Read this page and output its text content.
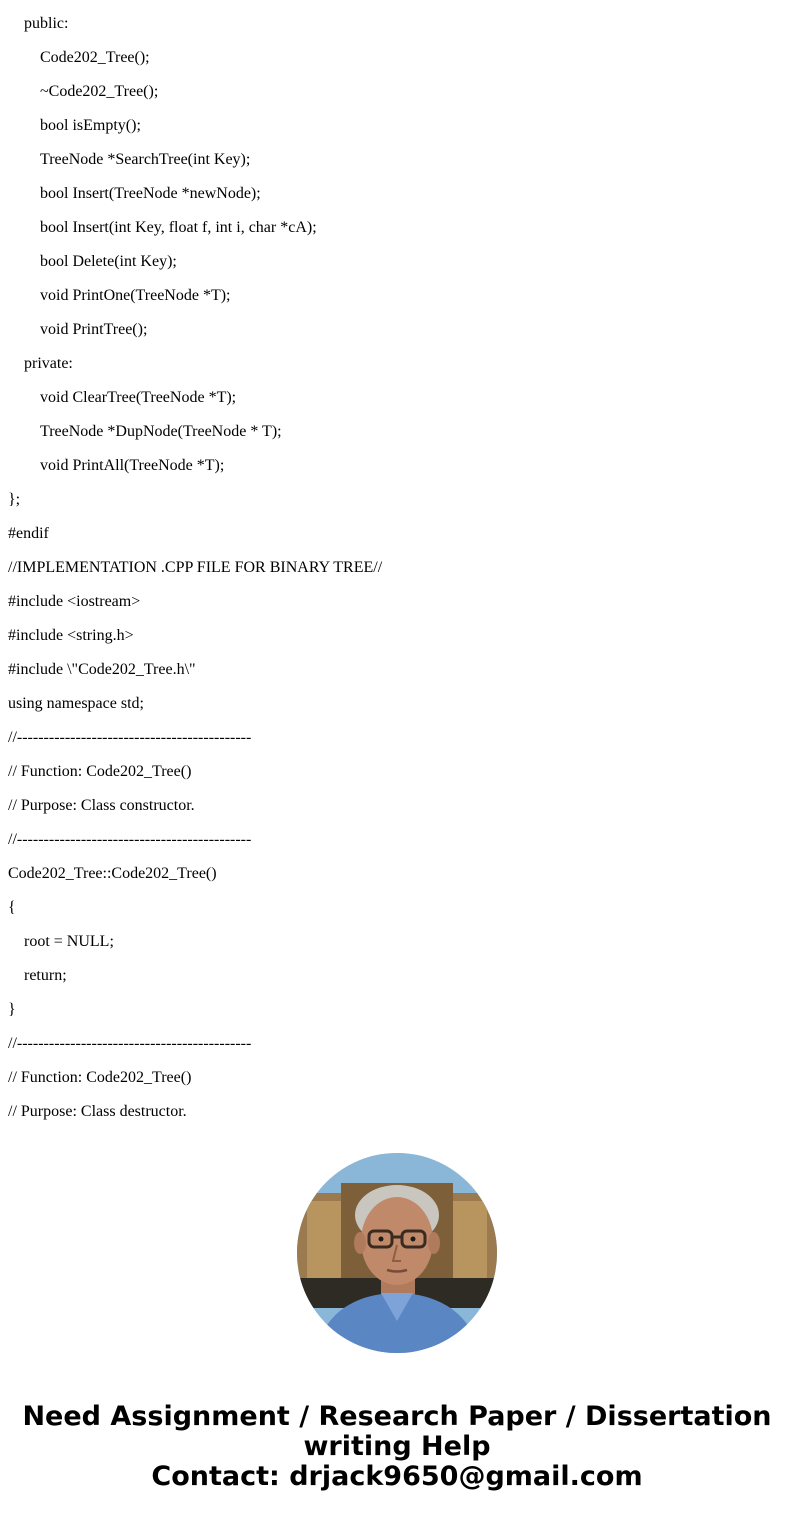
public:
Code202_Tree();
~Code202_Tree();
bool isEmpty();
TreeNode *SearchTree(int Key);
bool Insert(TreeNode *newNode);
bool Insert(int Key, float f, int i, char *cA);
bool Delete(int Key);
void PrintOne(TreeNode *T);
void PrintTree();
private:
void ClearTree(TreeNode *T);
TreeNode *DupNode(TreeNode * T);
void PrintAll(TreeNode *T);
};
#endif
//IMPLEMENTATION .CPP FILE FOR BINARY TREE//
#include <iostream>
#include <string.h>
#include \"Code202_Tree.h\"
using namespace std;
//--------------------------------------------
// Function: Code202_Tree()
// Purpose: Class constructor.
//--------------------------------------------
Code202_Tree::Code202_Tree()
{
root = NULL;
return;
}
//--------------------------------------------
// Function: Code202_Tree()
// Purpose: Class destructor.
Need Assignment / Research Paper / Dissertation
writing Help
Contact: drjack9650@gmail.com
